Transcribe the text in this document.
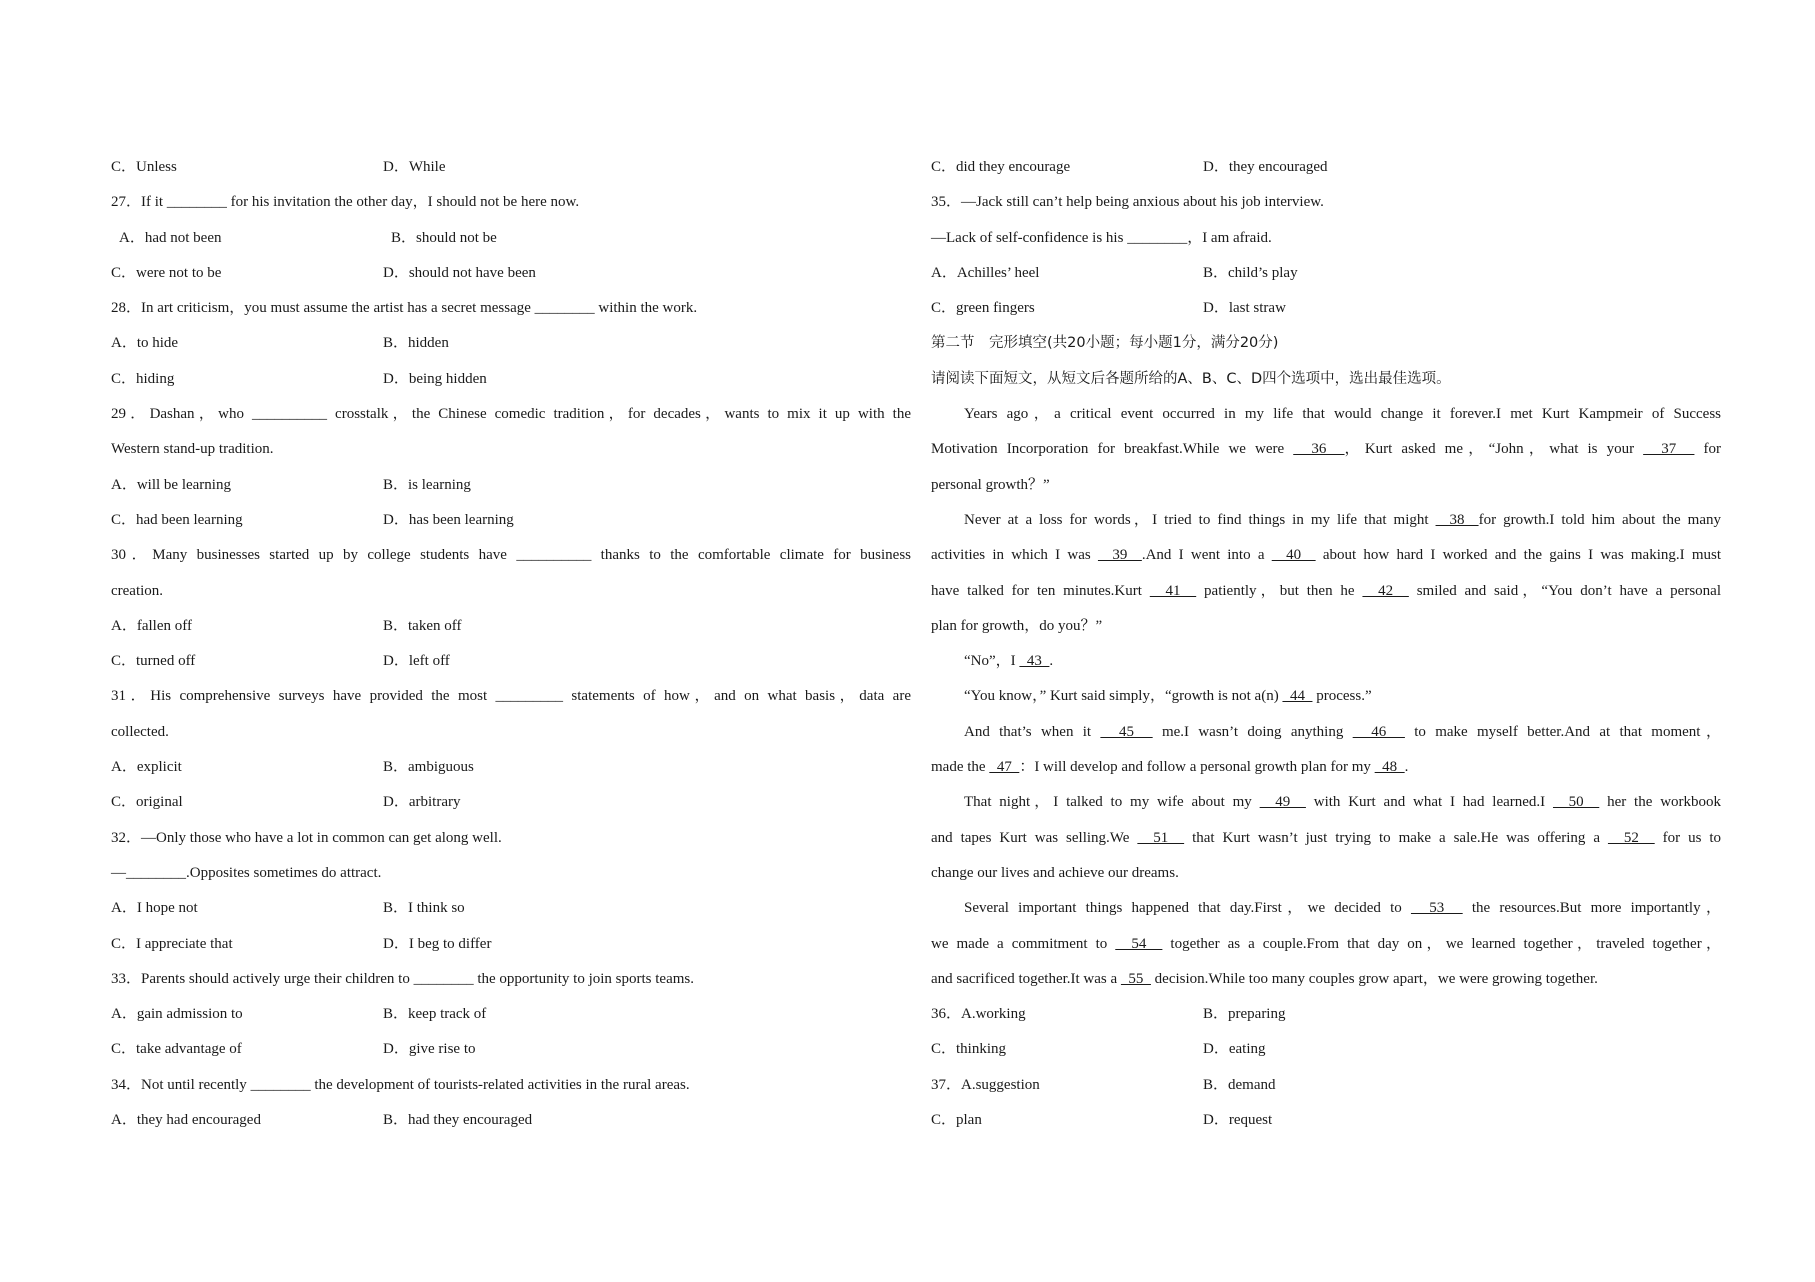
C．Unless	D．While
27．If it ________ for his invitation the other day，I should not be here now.
A．had not been	B．should not be
C．were not to be	D．should not have been
28．In art criticism，you must assume the artist has a secret message ________ within the work.
A．to hide	B．hidden
C．hiding	D．being hidden
29．Dashan，who __________ crosstalk，the Chinese comedic tradition，for decades，wants to mix it up with the
Western stand-up tradition.
A．will be learning	B．is learning
C．had been learning	D．has been learning
30．Many businesses started up by college students have __________ thanks to the comfortable climate for business
creation.
A．fallen off	B．taken off
C．turned off	D．left off
31．His comprehensive surveys have provided the most _________ statements of how，and on what basis，data are
collected.
A．explicit	B．ambiguous
C．original	D．arbitrary
32．—Only those who have a lot in common can get along well.
—________.Opposites sometimes do attract.
A．I hope not	B．I think so
C．I appreciate that	D．I beg to differ
33．Parents should actively urge their children to ________ the opportunity to join sports teams.
A．gain admission to	B．keep track of
C．take advantage of	D．give rise to
34．Not until recently ________ the development of tourists-related activities in the rural areas.
A．they had encouraged	B．had they encouraged
C．did they encourage	D．they encouraged
35．—Jack still can’t help being anxious about his job interview.
—Lack of self-confidence is his ________，I am afraid.
A．Achilles’ heel	B．child’s play
C．green fingers	D．last straw
第二节　完形填空(共20小题；每小题1分，满分20分)
请阅读下面短文，从短文后各题所给的A、B、C、D四个选项中，选出最佳选项。
Years ago，a critical event occurred in my life that would change it forever.I met Kurt Kampmeir of Success
Motivation Incorporation for breakfast.While we were   36  ，Kurt asked me，“John，what is your   37   for
personal growth？”
Never at a loss for words，I tried to find things in my life that might   38  for growth.I told him about the many
activities in which I was   39  .And I went into a   40   about how hard I worked and the gains I was making.I must
have talked for ten minutes.Kurt   41   patiently，but then he   42   smiled and said，“You don’t have a personal
plan for growth，do you？”
“No”，I   43  .
“You know，” Kurt said simply，“growth is not a(n)   44   process.”
And that’s when it   45   me.I wasn’t doing anything   46   to make myself better.And at that moment，
made the   47  ：I will develop and follow a personal growth plan for my   48  .
That night，I talked to my wife about my   49   with Kurt and what I had learned.I   50   her the workbook
and tapes Kurt was selling.We   51   that Kurt wasn’t just trying to make a sale.He was offering a   52   for us to
change our lives and achieve our dreams.
Several important things happened that day.First，we decided to   53   the resources.But more importantly，
we made a commitment to   54   together as a couple.From that day on，we learned together，traveled together，
and sacrificed together.It was a   55   decision.While too many couples grow apart，we were growing together.
36．A.working	B．preparing
C．thinking	D．eating
37．A.suggestion	B．demand
C．plan	D．request
